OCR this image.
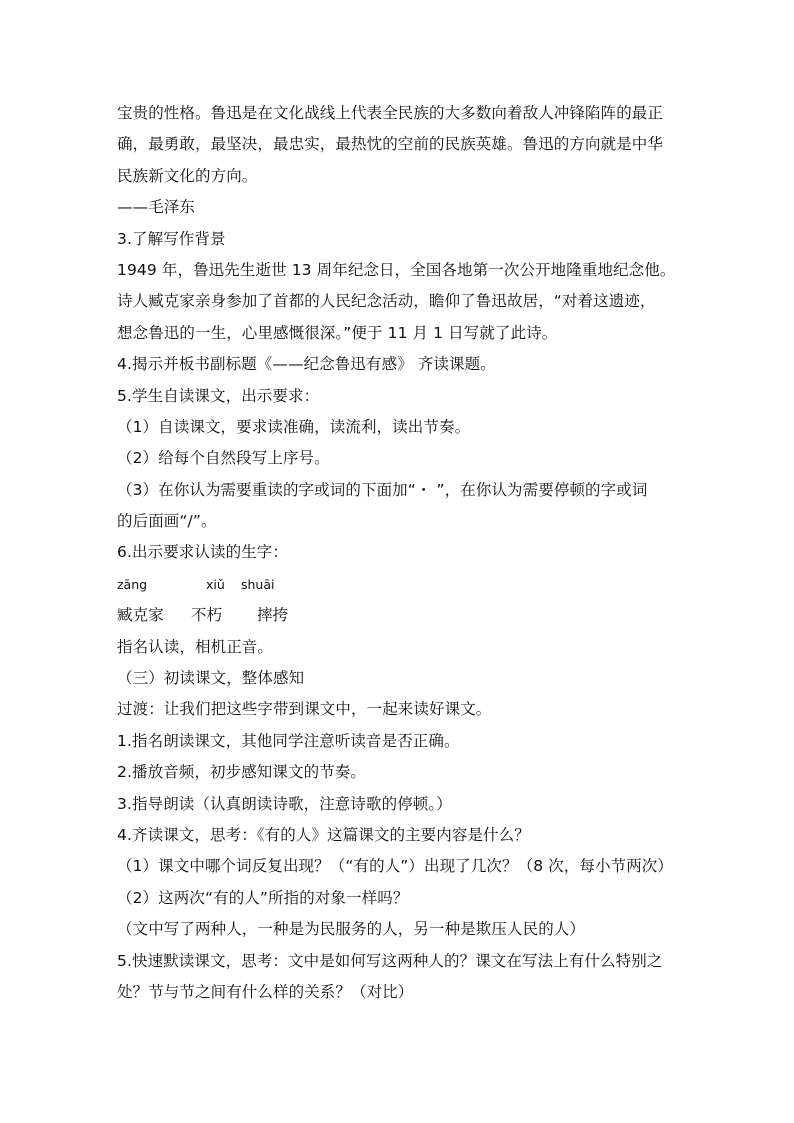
宝贵的性格。鲁迅是在文化战线上代表全民族的大多数向着敌人冲锋陷阵的最正
确，最勇敢，最坚决，最忠实，最热忱的空前的民族英雄。鲁迅的方向就是中华
民族新文化的方向。
——毛泽东
3.了解写作背景
1949 年，鲁迅先生逝世 13 周年纪念日，全国各地第一次公开地隆重地纪念他。
诗人臧克家亲身参加了首都的人民纪念活动，瞻仰了鲁迅故居，“对着这遗迹，
想念鲁迅的一生，心里感慨很深。”便于 11 月 1 日写就了此诗。
4.揭示并板书副标题《——纪念鲁迅有感》 齐读课题。
5.学生自读课文，出示要求：
（1）自读课文，要求读准确，读流利，读出节奏。
（2）给每个自然段写上序号。
（3）在你认为需要重读的字或词的下面加“・ ”，在你认为需要停顿的字或词
的后面画“/”。
6.出示要求认读的生字：
zāng	xiǔ shuāi
臧克家 不朽 摔挎
指名认读，相机正音。
（三）初读课文，整体感知
过渡：让我们把这些字带到课文中，一起来读好课文。
1.指名朗读课文，其他同学注意听读音是否正确。
2.播放音频，初步感知课文的节奏。
3.指导朗读（认真朗读诗歌，注意诗歌的停顿。）
4.齐读课文，思考：《有的人》这篇课文的主要内容是什么？
（1）课文中哪个词反复出现？（“有的人”）出现了几次？（8 次，每小节两次）
（2）这两次“有的人”所指的对象一样吗？
（文中写了两种人，一种是为民服务的人，另一种是欺压人民的人）
5.快速默读课文，思考：文中是如何写这两种人的？课文在写法上有什么特别之
处？节与节之间有什么样的关系？（对比）
